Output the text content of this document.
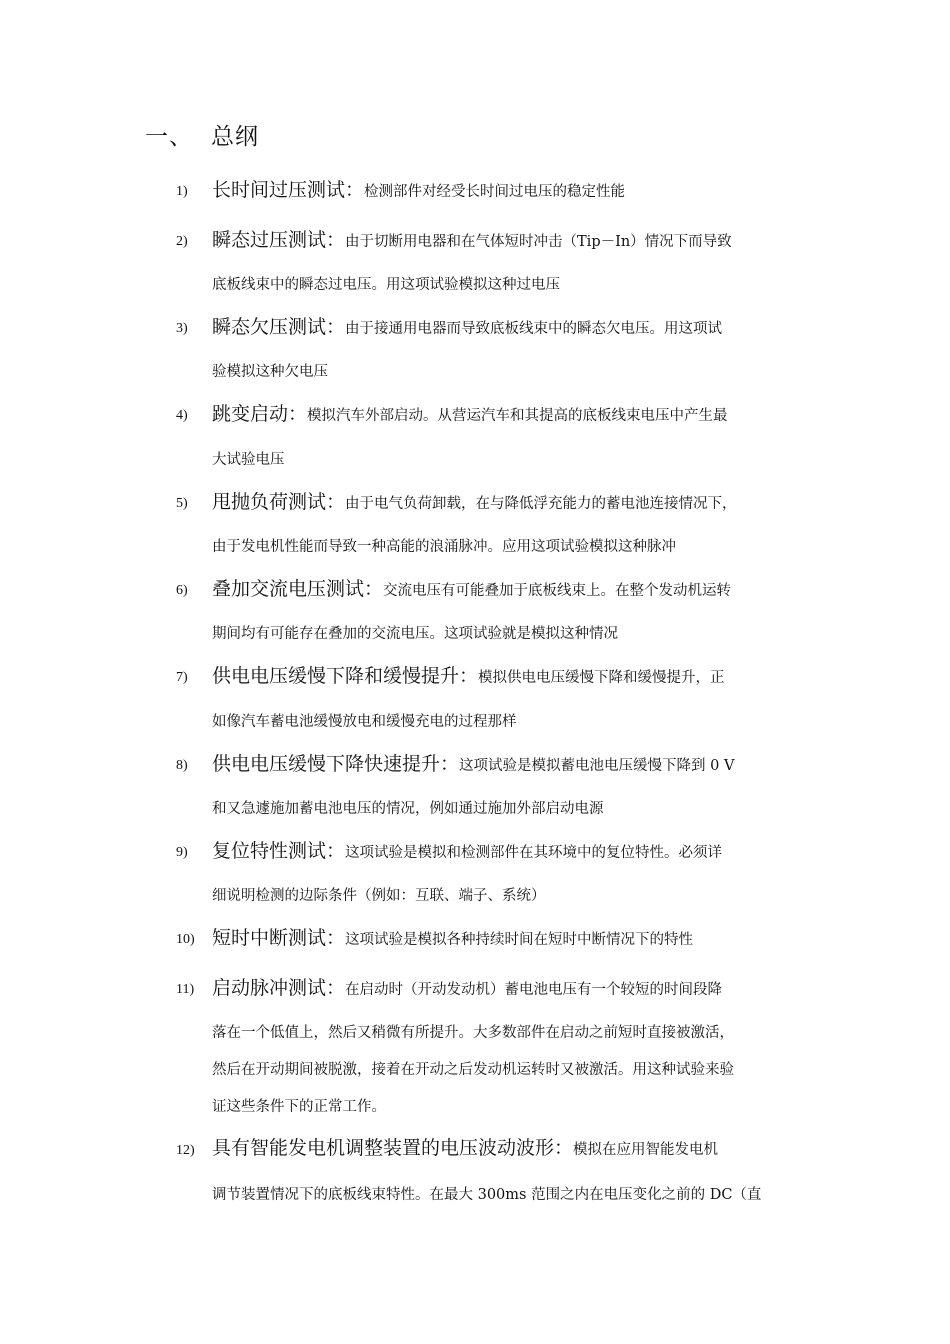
一、 总纲
1) 长时间过压测试：检测部件对经受长时间过电压的稳定性能
2) 瞬态过压测试：由于切断用电器和在气体短时冲击（Tip－In）情况下而导致
底板线束中的瞬态过电压。用这项试验模拟这种过电压
3) 瞬态欠压测试：由于接通用电器而导致底板线束中的瞬态欠电压。用这项试
验模拟这种欠电压
4) 跳变启动：模拟汽车外部启动。从营运汽车和其提高的底板线束电压中产生最
大试验电压
5) 甩抛负荷测试：由于电气负荷卸载，在与降低浮充能力的蓄电池连接情况下，
由于发电机性能而导致一种高能的浪涌脉冲。应用这项试验模拟这种脉冲
6) 叠加交流电压测试：交流电压有可能叠加于底板线束上。在整个发动机运转
期间均有可能存在叠加的交流电压。这项试验就是模拟这种情况
7) 供电电压缓慢下降和缓慢提升：模拟供电电压缓慢下降和缓慢提升，正
如像汽车蓄电池缓慢放电和缓慢充电的过程那样
8) 供电电压缓慢下降快速提升：这项试验是模拟蓄电池电压缓慢下降到 0 V
和又急遽施加蓄电池电压的情况，例如通过施加外部启动电源
9) 复位特性测试：这项试验是模拟和检测部件在其环境中的复位特性。必须详
细说明检测的边际条件（例如：互联、端子、系统）
10) 短时中断测试：这项试验是模拟各种持续时间在短时中断情况下的特性
11) 启动脉冲测试：在启动时（开动发动机）蓄电池电压有一个较短的时间段降
落在一个低值上，然后又稍微有所提升。大多数部件在启动之前短时直接被激活，
然后在开动期间被脱激，接着在开动之后发动机运转时又被激活。用这种试验来验
证这些条件下的正常工作。
12) 具有智能发电机调整装置的电压波动波形：模拟在应用智能发电机
调节装置情况下的底板线束特性。在最大 300ms 范围之内在电压变化之前的 DC（直
